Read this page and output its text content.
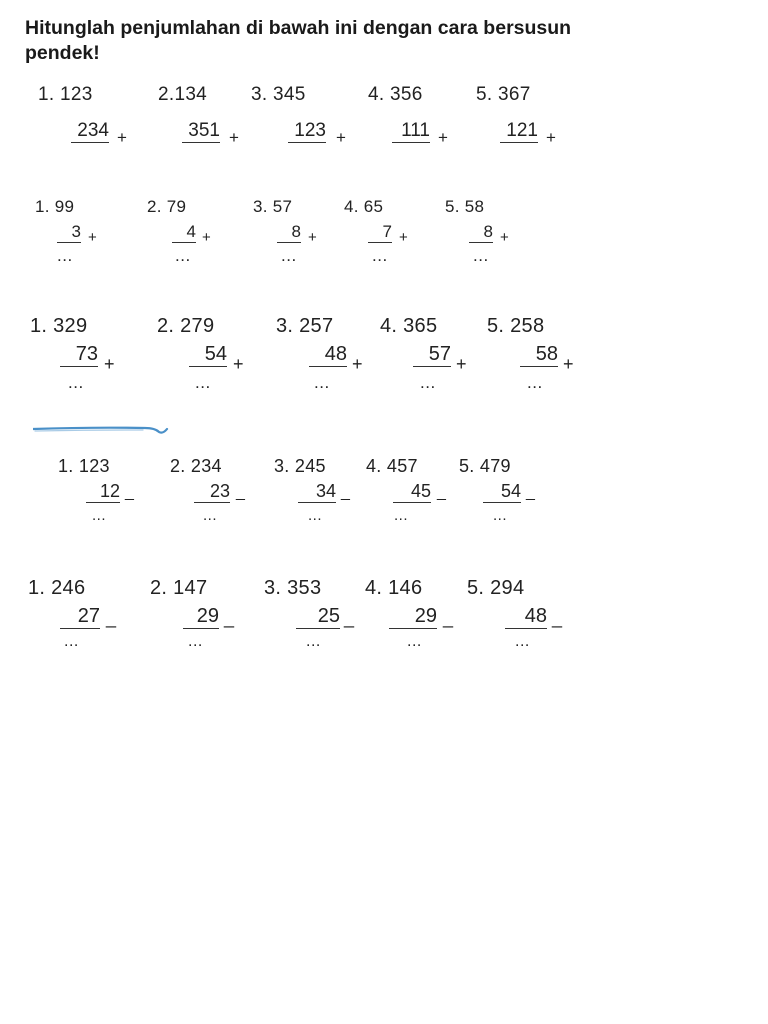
Hitunglah penjumlahan di bawah ini dengan cara bersusun pendek!
1. 123
234 +
2.134
351 +
3. 345
123 +
4. 356
111 +
5. 367
121 +
1. 99
3 +
...
2. 79
4 +
...
3. 57
8 +
...
4. 65
7 +
...
5. 58
8 +
...
1. 329
73 +
...
2. 279
54 +
...
3. 257
48 +
...
4. 365
57 +
...
5. 258
58 +
...
1. 123
12 _
...
2. 234
23 _
...
3. 245
34 _
...
4. 457
45 _
...
5. 479
54 _
...
1. 246
27 _
...
2. 147
29 _
...
3. 353
25 _
...
4. 146
29 _
...
5. 294
48 _
...
